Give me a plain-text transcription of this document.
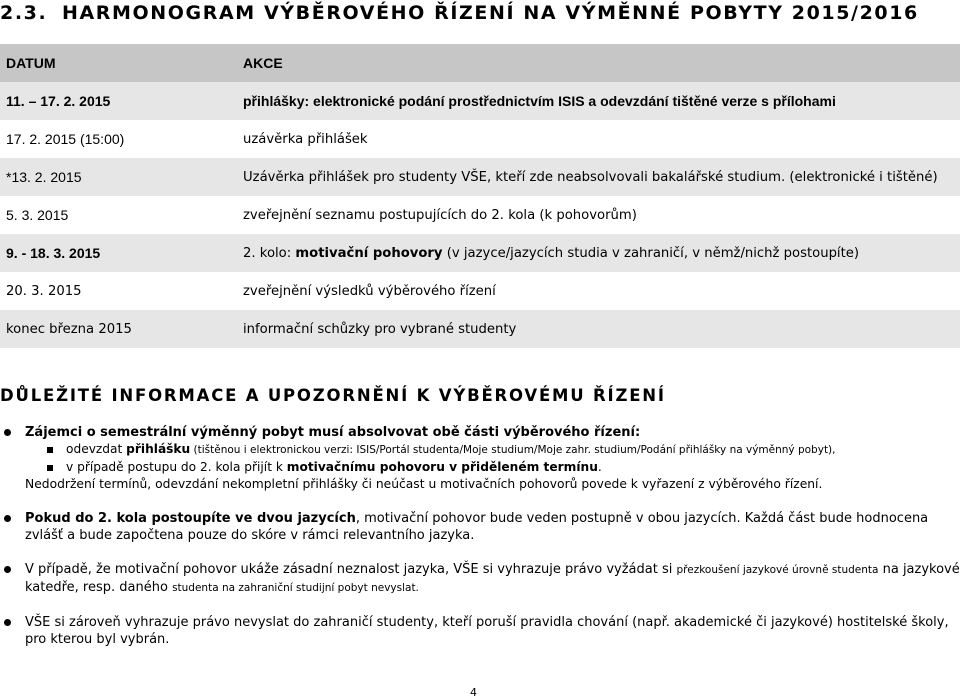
2.3. HARMONOGRAM VÝBĚROVÉHO ŘÍZENÍ NA VÝMĚNNÉ POBYTY 2015/2016
DATUM	AKCE
11. – 17. 2. 2015	přihlášky: elektronické podání prostřednictvím ISIS a odevzdání tištěné verze s přílohami
17. 2. 2015 (15:00)	uzávěrka přihlášek
*13. 2. 2015	Uzávěrka přihlášek pro studenty VŠE, kteří zde neabsolvovali bakalářské studium. (elektronické i tištěné)
5. 3. 2015	zveřejnění seznamu postupujících do 2. kola (k pohovorům)
9. - 18. 3. 2015	2. kolo: motivační pohovory (v jazyce/jazycích studia v zahraničí, v němž/nichž postoupíte)
20. 3. 2015	zveřejnění výsledků výběrového řízení
konec března 2015	informační schůzky pro vybrané studenty
DŮLEŽITÉ INFORMACE A UPOZORNĚNÍ K VÝBĚROVÉMU ŘÍZENÍ
Zájemci o semestrální výměnný pobyt musí absolvovat obě části výběrového řízení:
odevzdat přihlášku (tištěnou i elektronickou verzi: ISIS/Portál studenta/Moje studium/Moje zahr. studium/Podání přihlášky na výměnný pobyt),
v případě postupu do 2. kola přijít k motivačnímu pohovoru v přiděleném termínu.
Nedodržení termínů, odevzdání nekompletní přihlášky či neúčast u motivačních pohovorů povede k vyřazení z výběrového řízení.
Pokud do 2. kola postoupíte ve dvou jazycích, motivační pohovor bude veden postupně v obou jazycích. Každá část bude hodnocena zvlášť a bude započtena pouze do skóre v rámci relevantního jazyka.
V případě, že motivační pohovor ukáže zásadní neznalost jazyka, VŠE si vyhrazuje právo vyžádat si přezkoušení jazykové úrovně studenta na jazykové katedře, resp. daného studenta na zahraniční studijní pobyt nevyslat.
VŠE si zároveň vyhrazuje právo nevyslat do zahraničí studenty, kteří poruší pravidla chování (např. akademické či jazykové) hostitelské školy, pro kterou byl vybrán.
4
